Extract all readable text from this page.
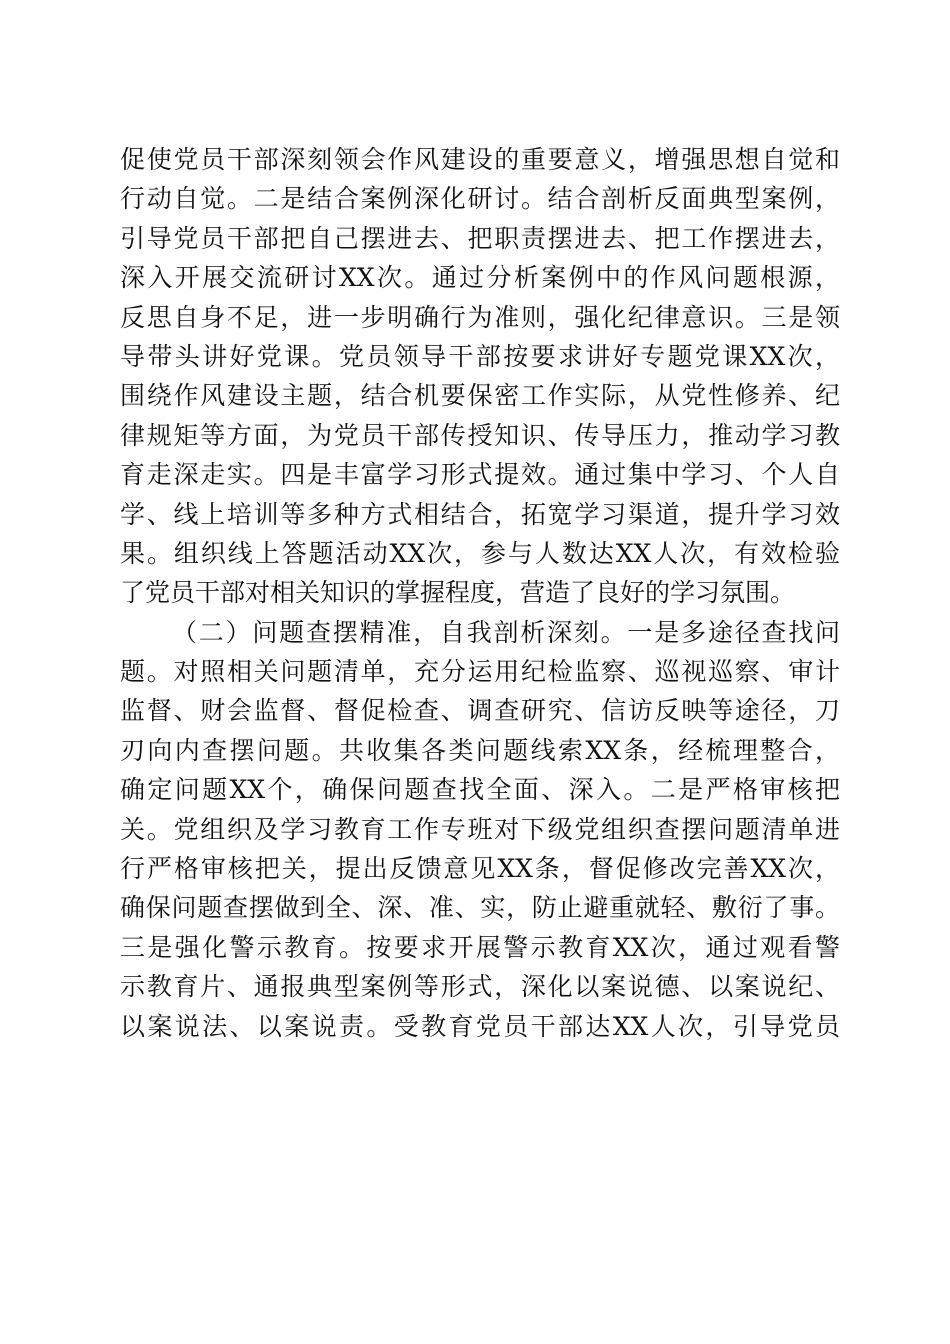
促使党员干部深刻领会作风建设的重要意义，增强思想自觉和
行动自觉。二是结合案例深化研讨。结合剖析反面典型案例，
引导党员干部把自己摆进去、把职责摆进去、把工作摆进去，
深入开展交流研讨XX次。通过分析案例中的作风问题根源，
反思自身不足，进一步明确行为准则，强化纪律意识。三是领
导带头讲好党课。党员领导干部按要求讲好专题党课XX次，
围绕作风建设主题，结合机要保密工作实际，从党性修养、纪
律规矩等方面，为党员干部传授知识、传导压力，推动学习教
育走深走实。四是丰富学习形式提效。通过集中学习、个人自
学、线上培训等多种方式相结合，拓宽学习渠道，提升学习效
果。组织线上答题活动XX次，参与人数达XX人次，有效检验
了党员干部对相关知识的掌握程度，营造了良好的学习氛围。
（二）问题查摆精准，自我剖析深刻。一是多途径查找问
题。对照相关问题清单，充分运用纪检监察、巡视巡察、审计
监督、财会监督、督促检查、调查研究、信访反映等途径，刀
刃向内查摆问题。共收集各类问题线索XX条，经梳理整合，
确定问题XX个，确保问题查找全面、深入。二是严格审核把
关。党组织及学习教育工作专班对下级党组织查摆问题清单进
行严格审核把关，提出反馈意见XX条，督促修改完善XX次，
确保问题查摆做到全、深、准、实，防止避重就轻、敷衍了事。
三是强化警示教育。按要求开展警示教育XX次，通过观看警
示教育片、通报典型案例等形式，深化以案说德、以案说纪、
以案说法、以案说责。受教育党员干部达XX人次，引导党员
